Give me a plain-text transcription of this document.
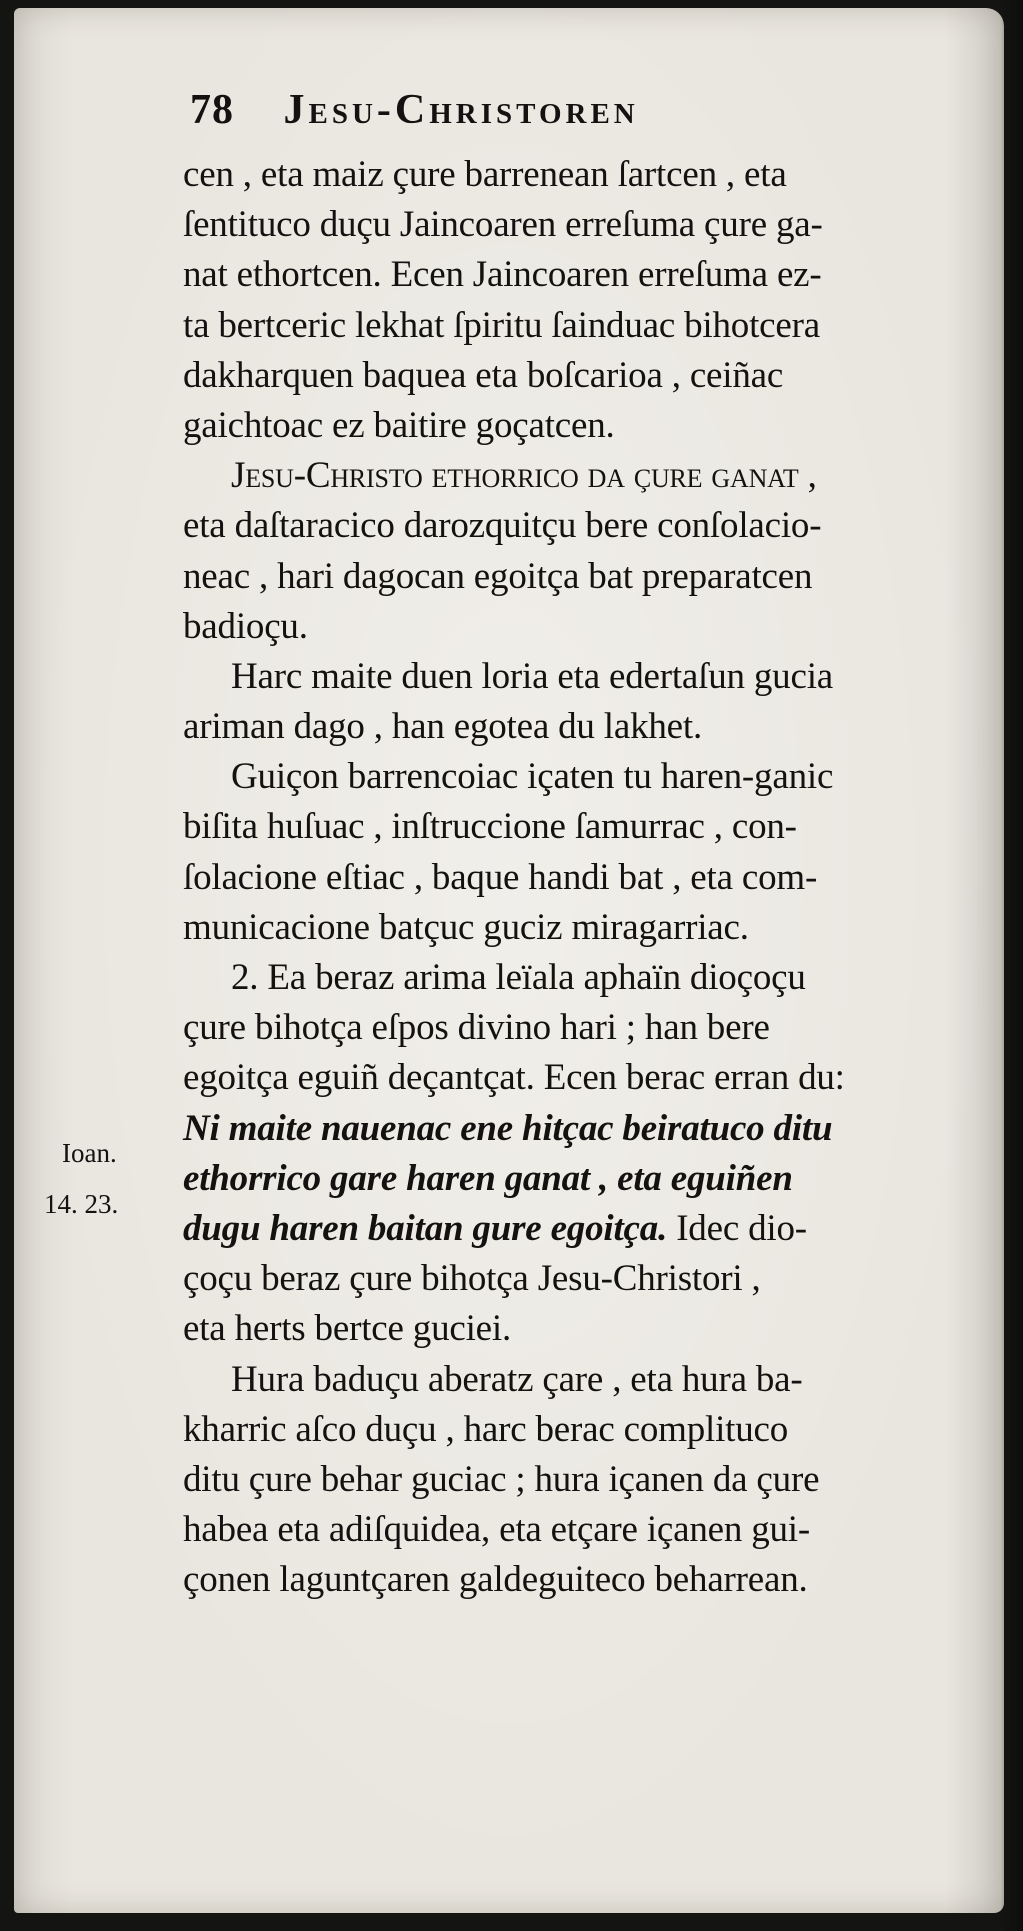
78 Jesu-Christoren
Ioan.
14. 23.
cen , eta maiz çure barrenean ſartcen , eta
ſentituco duçu Jaincoaren erreſuma çure ga-
nat ethortcen. Ecen Jaincoaren erreſuma ez-
ta bertceric lekhat ſpiritu ſainduac bihotcera
dakharquen baquea eta boſcarioa , ceiñac
gaichtoac ez baitire goçatcen.
Jesu-Christo ethorrico da çure ganat ,
eta daſtaracico darozquitçu bere conſolacio-
neac , hari dagocan egoitça bat preparatcen
badioçu.
Harc maite duen loria eta edertaſun gucia
ariman dago , han egotea du lakhet.
Guiçon barrencoiac içaten tu haren-ganic
biſita huſuac , inſtruccione ſamurrac , con-
ſolacione eſtiac , baque handi bat , eta com-
municacione batçuc guciz miragarriac.
2. Ea beraz arima leïala aphaïn dioçoçu
çure bihotça eſpos divino hari ; han bere
egoitça eguiñ deçantçat. Ecen berac erran du:
Ni maite nauenac ene hitçac beiratuco ditu
ethorrico gare haren ganat , eta eguiñen
dugu haren baitan gure egoitça. Idec dio-
çoçu beraz çure bihotça Jesu-Christori ,
eta herts bertce guciei.
Hura baduçu aberatz çare , eta hura ba-
kharric aſco duçu , harc berac complituco
ditu çure behar guciac ; hura içanen da çure
habea eta adiſquidea, eta etçare içanen gui-
çonen laguntçaren galdeguiteco beharrean.
